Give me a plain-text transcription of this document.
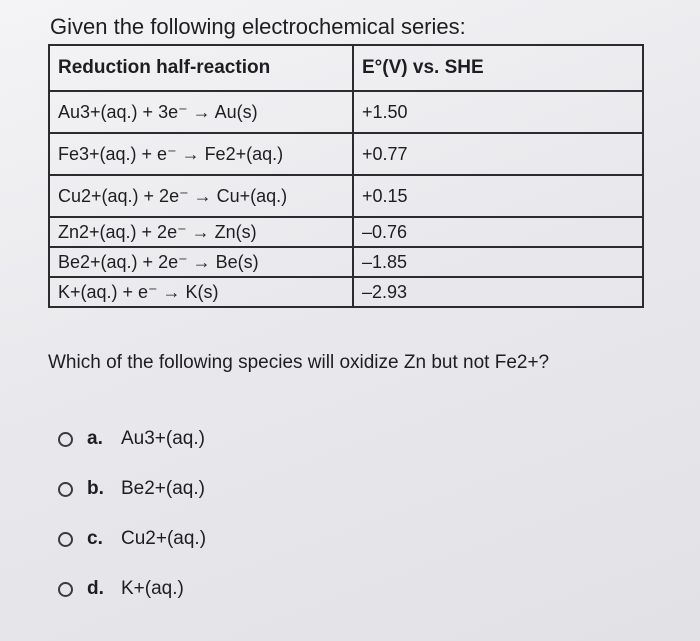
Given the following electrochemical series:
Reduction half-reaction	E°(V) vs. SHE
Au3+(aq.) + 3e⁻ → Au(s)	+1.50
Fe3+(aq.) + e⁻ → Fe2+(aq.)	+0.77
Cu2+(aq.) + 2e⁻ → Cu+(aq.)	+0.15
Zn2+(aq.) + 2e⁻ → Zn(s)	–0.76
Be2+(aq.) + 2e⁻ → Be(s)	–1.85
K+(aq.) + e⁻ → K(s)	–2.93
Which of the following species will oxidize Zn but not Fe2+?
a. Au3+(aq.)
b. Be2+(aq.)
c. Cu2+(aq.)
d. K+(aq.)
